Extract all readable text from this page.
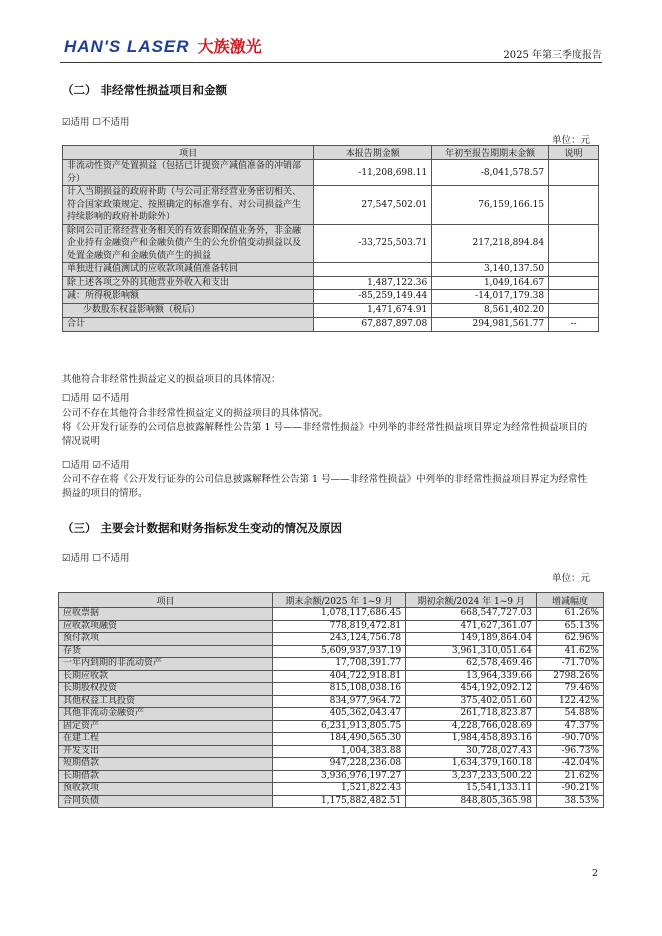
HAN'S LASER 大族激光	2025 年第三季度报告
（二） 非经常性损益项目和金额
☑适用 ☐不适用
单位：元
项目	本报告期金额	年初至报告期期末金额	说明
非流动性资产处置损益（包括已计提资产减值准备的冲销部分）	-11,208,698.11	-8,041,578.57	
计入当期损益的政府补助（与公司正常经营业务密切相关、符合国家政策规定、按照确定的标准享有、对公司损益产生持续影响的政府补助除外）	27,547,502.01	76,159,166.15	
除同公司正常经营业务相关的有效套期保值业务外，非金融企业持有金融资产和金融负债产生的公允价值变动损益以及处置金融资产和金融负债产生的损益	-33,725,503.71	217,218,894.84	
单独进行减值测试的应收款项减值准备转回		3,140,137.50	
除上述各项之外的其他营业外收入和支出	1,487,122.36	1,049,164.67	
减：所得税影响额	-85,259,149.44	-14,017,179.38	
少数股东权益影响额（税后）	1,471,674.91	8,561,402.20	
合计	67,887,897.08	294,981,561.77	--
其他符合非经常性损益定义的损益项目的具体情况：
☐适用 ☑不适用
公司不存在其他符合非经常性损益定义的损益项目的具体情况。
将《公开发行证券的公司信息披露解释性公告第 1 号——非经常性损益》中列举的非经常性损益项目界定为经常性损益项目的情况说明
☐适用 ☑不适用
公司不存在将《公开发行证券的公司信息披露解释性公告第 1 号——非经常性损益》中列举的非经常性损益项目界定为经常性损益的项目的情形。
（三） 主要会计数据和财务指标发生变动的情况及原因
☑适用 ☐不适用
单位：元
项目	期末余额/2025 年 1~9 月	期初余额/2024 年 1~9 月	增减幅度
应收票据	1,078,117,686.45	668,547,727.03	61.26%
应收款项融资	778,819,472.81	471,627,361.07	65.13%
预付款项	243,124,756.78	149,189,864.04	62.96%
存货	5,609,937,937.19	3,961,310,051.64	41.62%
一年内到期的非流动资产	17,708,391.77	62,578,469.46	-71.70%
长期应收款	404,722,918.81	13,964,339.66	2798.26%
长期股权投资	815,108,038.16	454,192,092.12	79.46%
其他权益工具投资	834,977,964.72	375,402,051.60	122.42%
其他非流动金融资产	405,362,043.47	261,718,823.87	54.88%
固定资产	6,231,913,805.75	4,228,766,028.69	47.37%
在建工程	184,490,565.30	1,984,458,893.16	-90.70%
开发支出	1,004,383.88	30,728,027.43	-96.73%
短期借款	947,228,236.08	1,634,379,160.18	-42.04%
长期借款	3,936,976,197.27	3,237,233,500.22	21.62%
预收款项	1,521,822.43	15,541,133.11	-90.21%
合同负债	1,175,882,482.51	848,805,365.98	38.53%
2
